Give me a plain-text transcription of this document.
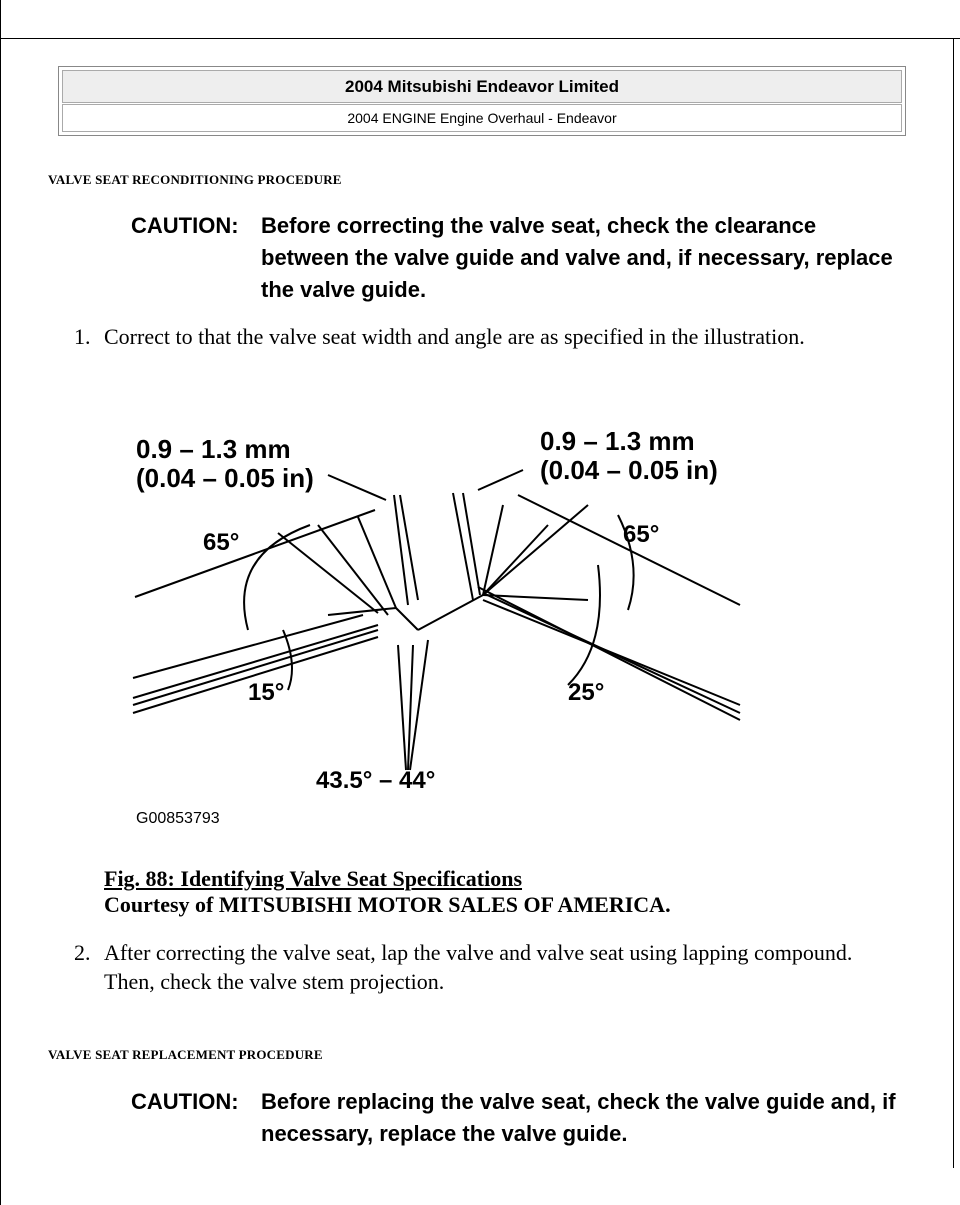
2004 Mitsubishi Endeavor Limited
2004 ENGINE Engine Overhaul - Endeavor
VALVE SEAT RECONDITIONING PROCEDURE
CAUTION:	Before correcting the valve seat, check the clearance between the valve guide and valve and, if necessary, replace the valve guide.
1. Correct to that the valve seat width and angle are as specified in the illustration.
0.9 – 1.3 mm
(0.04 – 0.05 in)
0.9 – 1.3 mm
(0.04 – 0.05 in)
65°	65°
15°	25°
43.5° – 44°
G00853793
Fig. 88: Identifying Valve Seat Specifications
Courtesy of MITSUBISHI MOTOR SALES OF AMERICA.
2. After correcting the valve seat, lap the valve and valve seat using lapping compound. Then, check the valve stem projection.
VALVE SEAT REPLACEMENT PROCEDURE
CAUTION:	Before replacing the valve seat, check the valve guide and, if necessary, replace the valve guide.
